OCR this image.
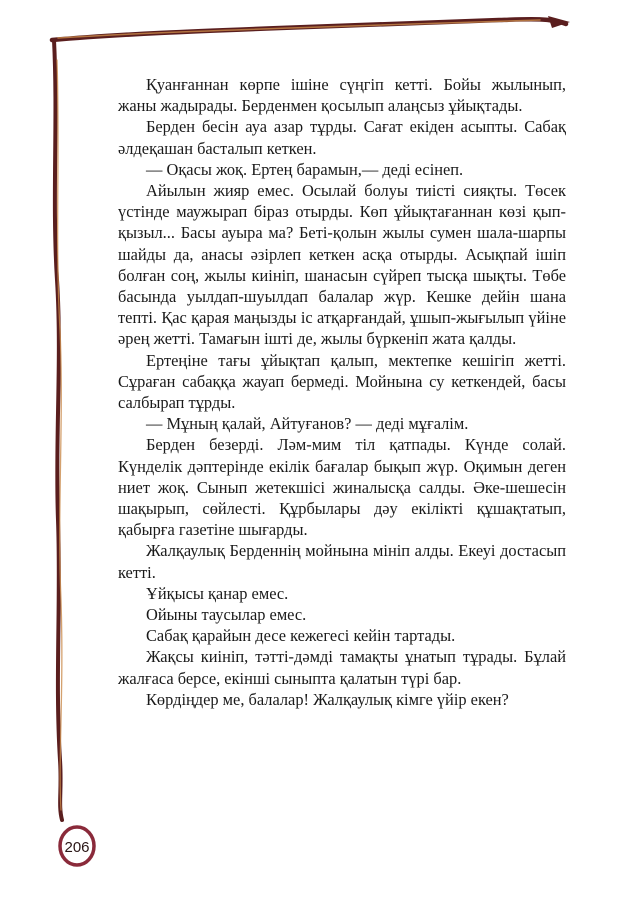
Қуанғаннан көрпе ішіне сүңгіп кетті. Бойы жылынып, жаны жадырады. Берденмен қосылып алаңсыз ұйықтады.

Берден бесін ауа азар тұрды. Сағат екіден асыпты. Сабақ әлдеқашан басталып кеткен.

— Оқасы жоқ. Ертең барамын,— деді есінеп.

Айылын жияр емес. Осылай болуы тиісті сияқты. Төсек үстінде маужырап біраз отырды. Көп ұйықтағаннан көзі қып-қызыл... Басы ауыра ма? Беті-қолын жылы сумен шала-шарпы шайды да, анасы әзірлеп кеткен асқа отырды. Асықпай ішіп болған соң, жылы киініп, шанасын сүйреп тысқа шықты. Төбе басында уылдап-шуылдап балалар жүр. Кешке дейін шана тепті. Қас қарая маңызды іс атқарғандай, ұшып-жығылып үйіне әрең жетті. Тамағын ішті де, жылы бүркеніп жата қалды.

Ертеңіне тағы ұйықтап қалып, мектепке кешігіп жетті. Сұраған сабаққа жауап бермеді. Мойнына су кеткендей, басы салбырап тұрды.

— Мұның қалай, Айтуғанов? — деді мұғалім.

Берден безерді. Ләм-мим тіл қатпады. Күнде солай. Күнделік дәптерінде екілік бағалар бықып жүр. Оқимын деген ниет жоқ. Сынып жетекшісі жиналысқа салды. Әке-шешесін шақырып, сөйлесті. Құрбылары дәу екілікті құшақтатып, қабырға газетіне шығарды.

Жалқаулық Берденнің мойнына мініп алды. Екеуі достасып кетті.

Ұйқысы қанар емес.

Ойыны таусылар емес.

Сабақ қарайын десе кежегесі кейін тартады.

Жақсы киініп, тәтті-дәмді тамақты ұнатып тұрады. Бұлай жалғаса берсе, екінші сыныпта қалатын түрі бар.

Көрдіңдер ме, балалар! Жалқаулық кімге үйір екен?

206
